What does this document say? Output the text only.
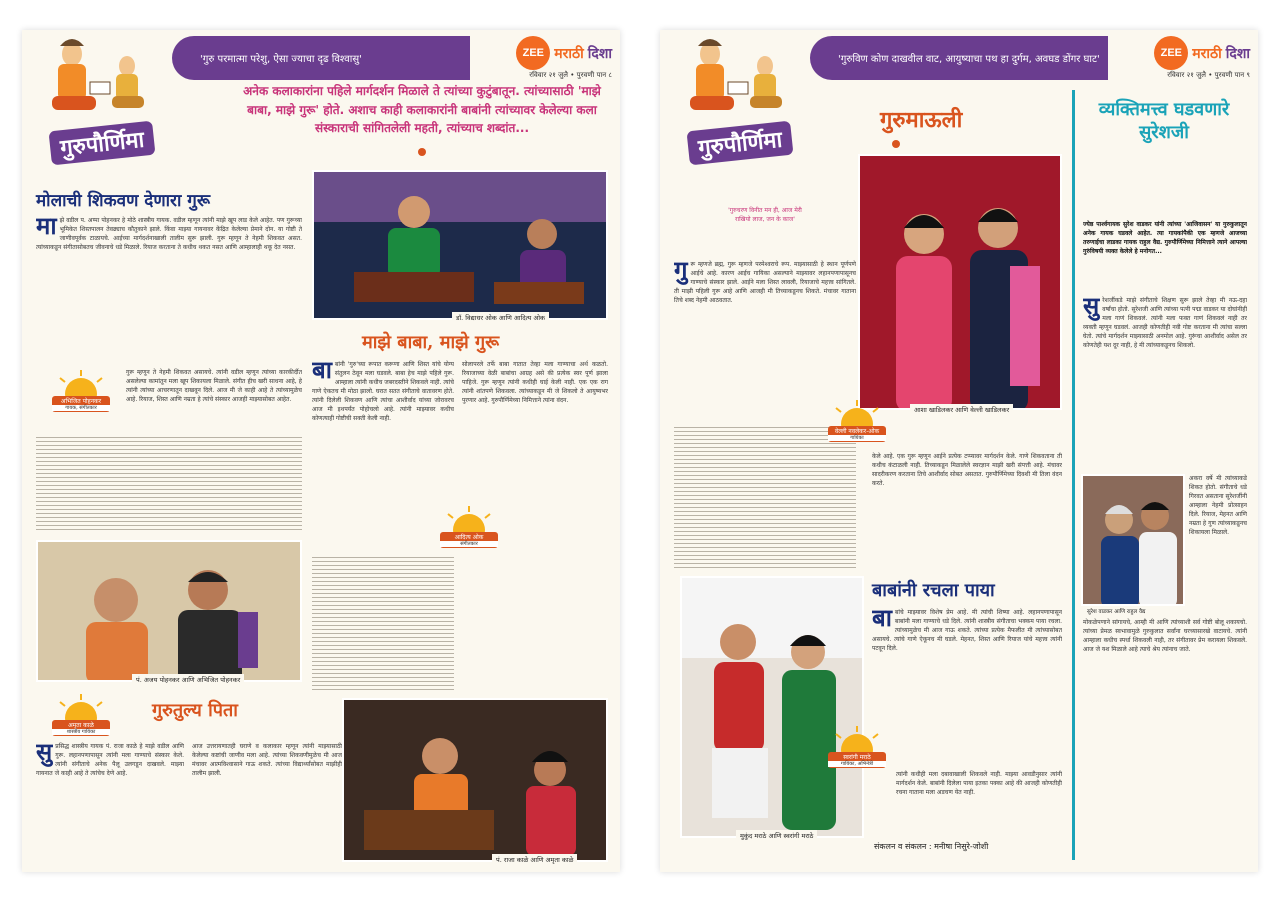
गुरुपौर्णिमा
'गुरु परमात्मा परेशु, ऐसा ज्याचा दृढ विश्वासु'
ZEE मराठी दिशा
रविवार २१ जुलै • पुरवणी पान ८
अनेक कलाकारांना पहिले मार्गदर्शन मिळाले ते त्यांच्या कुटुंबातून. त्यांच्यासाठी 'माझे बाबा, माझे गुरू' होते. अशाच काही कलाकारांनी बाबांनी त्यांच्यावर केलेल्या कला संस्काराची सांगितलेली महती, त्यांच्याच शब्दांत...
मोलाची शिकवण देणारा गुरू
माझे वडील प. अप्पा पोहनकर हे मोठे शास्त्रीय गायक. वडील म्हणून त्यांनी माझे खूप लाड केले आहेत. पण गुरूच्या भूमिकेत शिस्तपालन तेवढ्याच कौतुकाने झाले. किंवा माझ्या गायनावर केंद्रित केलेल्या प्रेमाने दोन. या गोष्टी ते जाणीवपूर्वक टाळायचे. आईच्या मार्गदर्शनाखाली तालीम सुरू झाली. गुरू म्हणून ते नेहमी शिकवत असत. त्यांच्याकडून संगीतासोबतच जीवनाचे धडे मिळाले. रियाज करताना ते कधीच थकत नसत आणि आम्हालाही थकू देत नसत.
अभिजित पोहनकर
गायक, संगीतकार
गुरू म्हणून ते नेहमी शिकवत असायचे. त्यांनी वडील म्हणून त्यांच्या कारकीर्दीत असलेल्या कामांतून मला खूप शिकायला मिळाले. संगीत हीच खरी साधना आहे, हे त्यांनी त्यांच्या आचरणातून दाखवून दिले. आज मी जे काही आहे ते त्यांच्यामुळेच आहे. रियाज, शिस्त आणि नम्रता हे त्यांचे संस्कार आजही माझ्यासोबत आहेत.
पं. अजय पोहनकर आणि अभिजित पोहनकर
डॉ. विद्याधर ओक आणि आदित्य ओक
माझे बाबा, माझे गुरू
बाबांनी 'गुरु'च्या रूपात करूणा आणि शिस्त यांचे योग्य संतुलन ठेवून मला घडवले. बाबा हेच माझे पहिले गुरू. आम्हाला त्यांनी कधीच जबरदस्तीने शिकवले नाही. त्यांचे गाणे ऐकतच मी मोठा झालो. घरात सतत संगीताचे वातावरण होते. त्यांनी दिलेली शिकवण आणि त्यांचा आशीर्वाद यांच्या जोरावरच आज मी इथपर्यंत पोहोचलो आहे. त्यांनी माझ्यावर कधीच कोणत्याही गोष्टीची सक्ती केली नाही.
सोलापरले तर्फे बाबा गातात तेव्हा मला गाण्याचा अर्थ कळतो. रियाजाच्या वेळी बाबांचा आग्रह असे की प्रत्येक स्वर पूर्ण झाला पाहिजे. गुरू म्हणून त्यांनी कधीही घाई केली नाही. एक एक राग त्यांनी शांतपणे शिकवला. त्यांच्याकडून मी जे शिकलो ते आयुष्यभर पुरणार आहे. गुरुपौर्णिमेच्या निमित्ताने त्यांना वंदन.
आदित्य ओक
संगीतकार
अमृता काळे
शास्त्रीय गायिका
गुरुतुल्य पिता
सुप्रसिद्ध शास्त्रीय गायक पं. राजा काळे हे माझे वडील आणि गुरू. लहानपणापासून त्यांनी मला गाण्याचे संस्कार केले. त्यांनी संगीताचे अनेक पैलू उलगडून दाखवले. माझ्या गायनात जे काही आहे ते त्यांचेच देणे आहे.
आज उत्तरायणातही घराणे व कलाकार म्हणून त्यांनी माझ्यासाठी केलेल्या कष्टांची जाणीव मला आहे. त्यांच्या शिकवणीमुळेच मी आज मंचावर आत्मविश्वासाने गाऊ शकते. त्यांच्या विद्यार्थ्यांसोबत माझीही तालीम झाली.
पं. राजा काळे आणि अमृता काळे
गुरुपौर्णिमा
'गुरुविण कोण दाखवील वाट, आयुष्याचा पथ हा दुर्गम, अवघड डोंगर घाट'
ZEE मराठी दिशा
रविवार २१ जुलै • पुरवणी पान ९
गुरुमाऊली
'गुरुचरण विनीत मन ही, आज मेरी राखियो लाज, जन के काज'
गुरू म्हणजे ब्रह्म, गुरू म्हणजे परमेश्वराचे रूप. माझ्यासाठी हे स्थान पूर्णपणे आईचे आहे. कारण आईच गायिका असल्याने माझ्यावर लहानपणापासूनच गाण्याचे संस्कार झाले. आईने मला शिस्त लावली, रियाजाचे महत्त्व सांगितले. ती माझी पहिली गुरू आहे आणि आजही मी तिच्याकडूनच शिकते. मंचावर गाताना तिचे शब्द नेहमी आठवतात.
आशा खाडिलकर आणि वेल्ली खाडिलकर
वेल्ली नवलेकर-ओक
गायिका
केले आहे. एक गुरू म्हणून आईने प्रत्येक टप्प्यावर मार्गदर्शन केले. गाणे शिकवताना ती कधीच कंटाळली नाही. तिच्याकडून मिळालेले स्वरज्ञान माझी खरी संपत्ती आहे. मंचावर सादरीकरण करताना तिचे आशीर्वाद सोबत असतात. गुरुपौर्णिमेच्या दिवशी मी तिला वंदन करते.
मुकुंद मराठे आणि स्वरांगी मराठे
स्वरांगी मराठे
गायिका, अभिनेत्री
बाबांनी रचला पाया
बाबांचे माझ्यावर विशेष प्रेम आहे. मी त्यांची शिष्या आहे. लहानपणापासून बाबांनी मला गाण्याचे धडे दिले. त्यांनी शास्त्रीय संगीताचा भक्कम पाया रचला. त्यांच्यामुळेच मी आज गाऊ शकते. त्यांच्या प्रत्येक मैफलीत मी त्यांच्यासोबत असायचे. त्यांचे गाणे ऐकूनच मी घडले. मेहनत, शिस्त आणि रियाज यांचे महत्त्व त्यांनी पटवून दिले.
त्यांनी कधीही मला दबावाखाली शिकवले नाही. माझ्या आवडीनुसार त्यांनी मार्गदर्शन केले. बाबांनी दिलेला पाया इतका पक्का आहे की आजही कोणतीही रचना गाताना मला अडचण येत नाही.
संकलन व संकलन : मनीषा निसुरे-जोशी
व्यक्तिमत्त्व घडवणारे सुरेशजी
ज्येष्ठ पार्श्वगायक सुरेश वाडकर यांनी त्यांच्या 'आजिवासन' या गुरुकुलातून अनेक गायक घडवले आहेत. त्या गायकांपैकी एक म्हणजे आजच्या तरुणाईचा लाडका गायक राहुल वैद्य. गुरुपौर्णिमेच्या निमित्ताने त्याने आपल्या गुरुंविषयी व्यक्त केलेले हे मनोगत...
सुरेशजींकडे माझे संगीताचे शिक्षण सुरू झाले तेव्हा मी नऊ-दहा वर्षांचा होतो. सुरेशजी आणि त्यांच्या पत्नी पद्मा वाडकर या दोघांनीही मला गाणं शिकवलं. त्यांनी मला फक्त गाणं शिकवलं नाही तर व्यक्ती म्हणून घडवलं. आजही कोणतीही नवी गोष्ट करताना मी त्यांचा सल्ला घेतो. त्यांचे मार्गदर्शन माझ्यासाठी अनमोल आहे. गुरूंचा आशीर्वाद असेल तर कोणतेही यश दूर नाही, हे मी त्यांच्याकडूनच शिकलो.
अकरा वर्षे मी त्यांच्याकडे शिकत होतो. संगीताचे धडे गिरवत असताना सुरेशजींनी आम्हाला नेहमी प्रोत्साहन दिले. रियाज, मेहनत आणि नम्रता हे गुण त्यांच्याकडूनच शिकायला मिळाले.
सुरेश वाडकर आणि राहुल वैद्य
मोकळेपणाने सांगायचे, आम्ही मी आणि त्यांच्याशी सर्व गोष्टी बोलू शकायचो. त्यांच्या प्रेमळ स्वभावामुळे गुरुकुलात सर्वांना घरच्यासारखे वाटायचे. त्यांनी आम्हाला कधीच स्पर्धा शिकवली नाही, तर संगीतावर प्रेम करायला शिकवले. आज जे यश मिळाले आहे त्याचे श्रेय त्यांनाच जाते.
